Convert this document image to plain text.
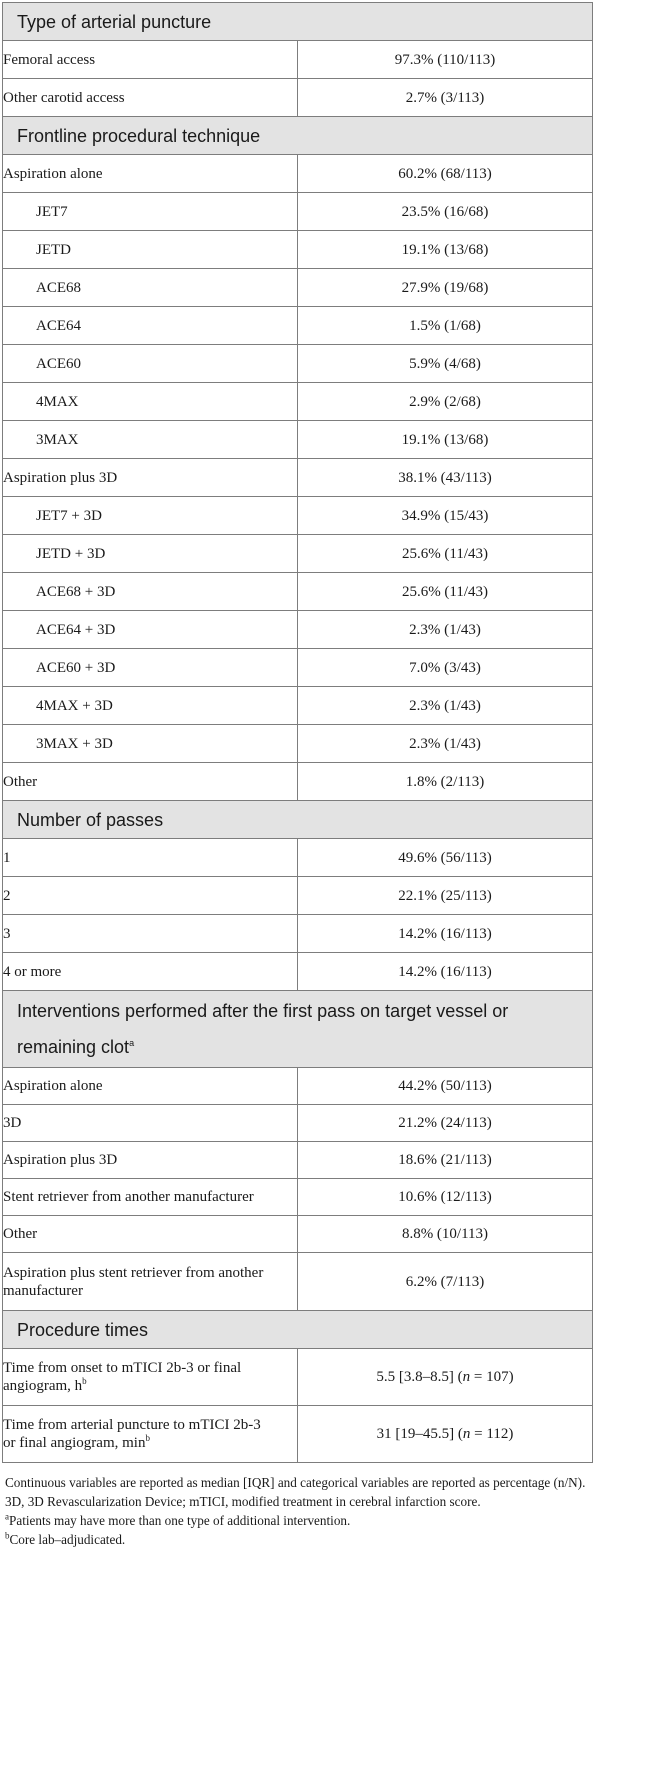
Type of arterial puncture	
Femoral access	97.3% (110/113)
Other carotid access	2.7% (3/113)
Frontline procedural technique	
Aspiration alone	60.2% (68/113)
JET7	23.5% (16/68)
JETD	19.1% (13/68)
ACE68	27.9% (19/68)
ACE64	1.5% (1/68)
ACE60	5.9% (4/68)
4MAX	2.9% (2/68)
3MAX	19.1% (13/68)
Aspiration plus 3D	38.1% (43/113)
JET7 + 3D	34.9% (15/43)
JETD + 3D	25.6% (11/43)
ACE68 + 3D	25.6% (11/43)
ACE64 + 3D	2.3% (1/43)
ACE60 + 3D	7.0% (3/43)
4MAX + 3D	2.3% (1/43)
3MAX + 3D	2.3% (1/43)
Other	1.8% (2/113)
Number of passes	
1	49.6% (56/113)
2	22.1% (25/113)
3	14.2% (16/113)
4 or more	14.2% (16/113)
Interventions performed after the first pass on target vessel or remaining clot$^a$
Aspiration alone	44.2% (50/113)
3D	21.2% (24/113)
Aspiration plus 3D	18.6% (21/113)
Stent retriever from another manufacturer	10.6% (12/113)
Other	8.8% (10/113)
Aspiration plus stent retriever from another manufacturer	6.2% (7/113)
Procedure times	
Time from onset to mTICI 2b-3 or final angiogram, $h^b$	5.5 [3.8–8.5] (n = 107)
Time from arterial puncture to mTICI 2b-3 or final angiogram, $\min^b$	31 [19–45.5] (n = 112)

Continuous variables are reported as median [IQR] and categorical variables are reported as percentage (n/N).

3D, 3D Revascularization Device; mTICI, modified treatment in cerebral infarction score.

$^a$Patients may have more than one type of additional intervention.

$^b$Core lab–adjudicated.
